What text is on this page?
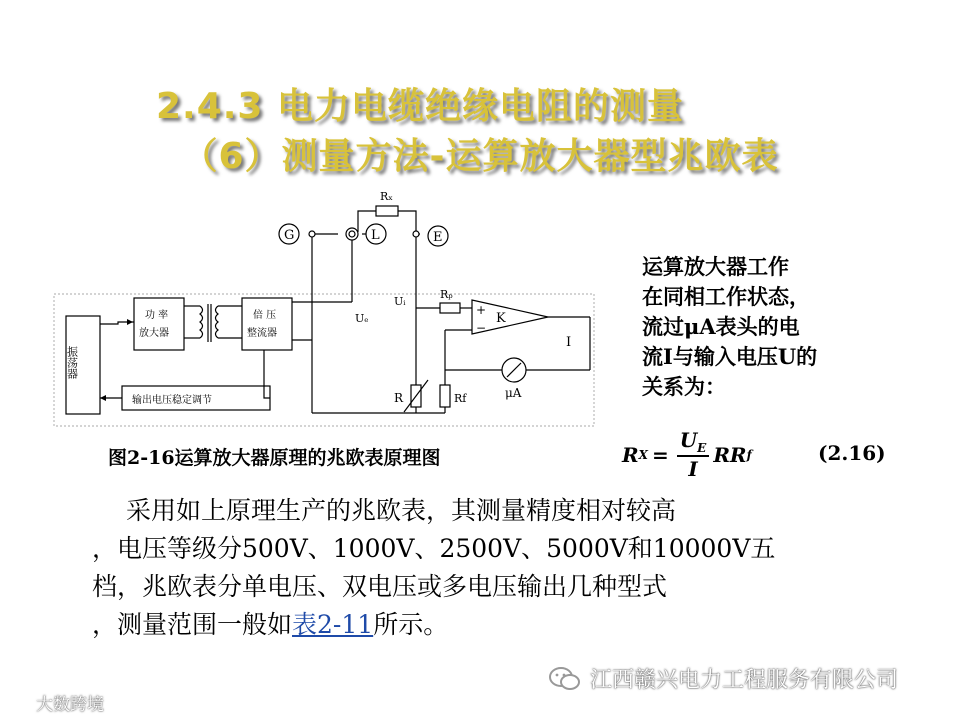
2.4.3 电力电缆绝缘电阻的测量
（6）测量方法-运算放大器型兆欧表
G	L	E
Rₓ
Uₑ
Uᵢ
Rₚ
+
−
K
I
R	Rf	μA
振荡器
功 率
放大器
倍 压
整流器
输出电压稳定调节
运算放大器工作
在同相工作状态，
流过μA表头的电
流I与输入电压U的
关系为：
图2-16运算放大器原理的兆欧表原理图	R $X = \frac{U_E}{I}$ RR f	(2.16)
采用如上原理生产的兆欧表，其测量精度相对较高
，电压等级分500V、1000V、2500V、5000V和10000V五
档，兆欧表分单电压、双电压或多电压输出几种型式
，测量范围一般如表2-11所示。
大数跨境
江西赣兴电力工程服务有限公司
